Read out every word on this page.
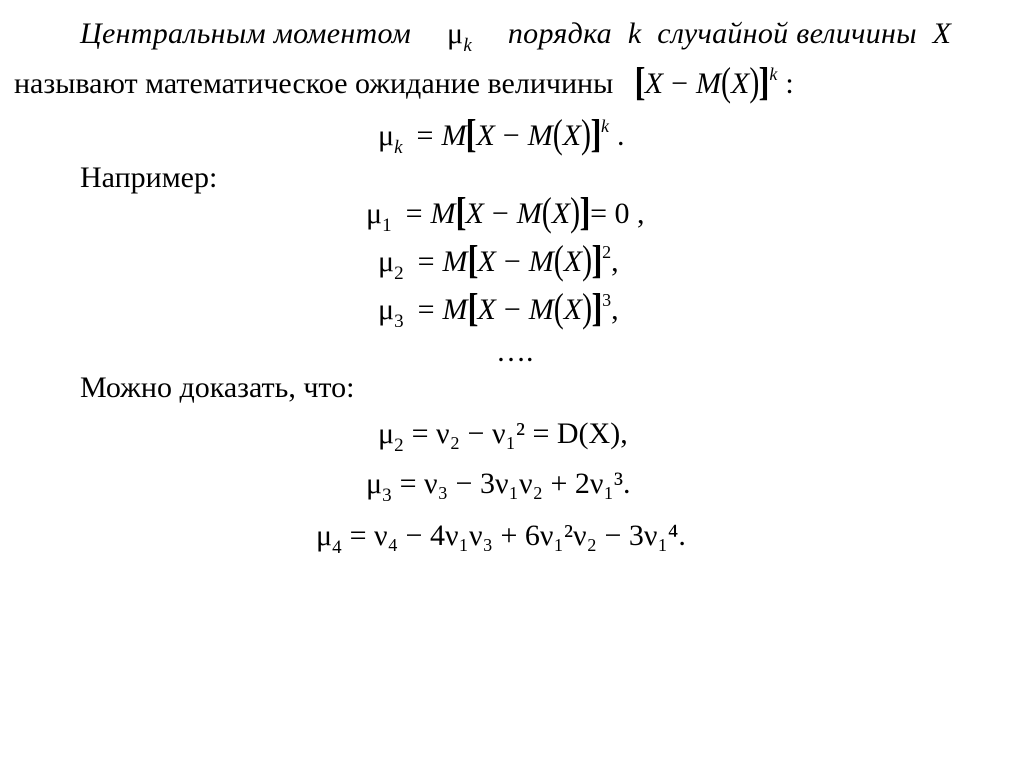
Центральным моментом $\mu_k$ порядка k случайной величины X
называют математическое ожидание величины $[X - M(X)]^k$ :
$\mu_k = M[X - M(X)]^k$ .
Например:
$\mu_1 = M[X - M(X)]= 0$ ,
$\mu_2 = M[X - M(X)]^2$,
$\mu_3 = M[X - M(X)]^3$,
….
Можно доказать, что:
$\mu_2 = \nu_2 - \nu_1^2 = D(X)$,
$\mu_3 = \nu_3 - 3\nu_1\nu_2 + 2\nu_1^3$.
$\mu_4 = \nu_4 - 4\nu_1\nu_3 + 6\nu_1^2\nu_2 - 3\nu_1^4$.
